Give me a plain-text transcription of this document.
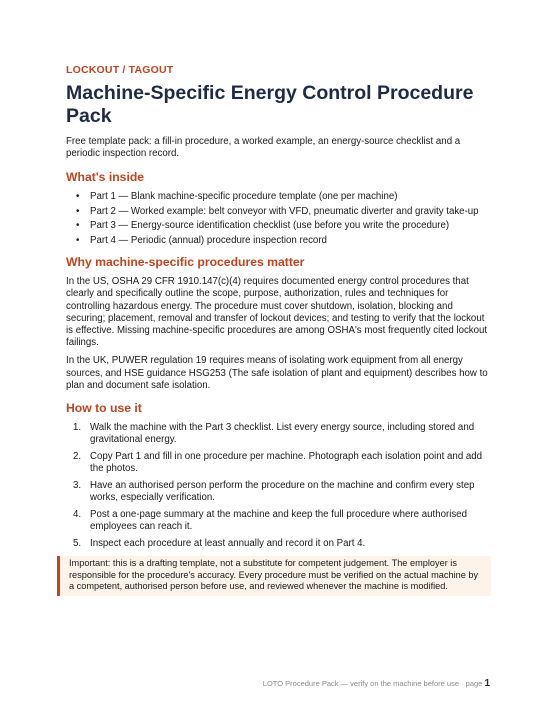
LOCKOUT / TAGOUT
Machine-Specific Energy Control Procedure Pack

Free template pack: a fill-in procedure, a worked example, an energy-source checklist and a periodic inspection record.

What's inside
• Part 1 — Blank machine-specific procedure template (one per machine)
• Part 2 — Worked example: belt conveyor with VFD, pneumatic diverter and gravity take-up
• Part 3 — Energy-source identification checklist (use before you write the procedure)
• Part 4 — Periodic (annual) procedure inspection record
Why machine-specific procedures matter

In the US, OSHA 29 CFR 1910.147(c)(4) requires documented energy control procedures that clearly and specifically outline the scope, purpose, authorization, rules and techniques for controlling hazardous energy. The procedure must cover shutdown, isolation, blocking and securing; placement, removal and transfer of lockout devices; and testing to verify that the lockout is effective. Missing machine-specific procedures are among OSHA's most frequently cited lockout failings.

In the UK, PUWER regulation 19 requires means of isolating work equipment from all energy sources, and HSE guidance HSG253 (The safe isolation of plant and equipment) describes how to plan and document safe isolation.

How to use it
1. Walk the machine with the Part 3 checklist. List every energy source, including stored and gravitational energy.
2. Copy Part 1 and fill in one procedure per machine. Photograph each isolation point and add the photos.
3. Have an authorised person perform the procedure on the machine and confirm every step works, especially verification.
4. Post a one-page summary at the machine and keep the full procedure where authorised employees can reach it.
5. Inspect each procedure at least annually and record it on Part 4.
Important: this is a drafting template, not a substitute for competent judgement. The employer is responsible for the procedure's accuracy. Every procedure must be verified on the actual machine by a competent, authorised person before use, and reviewed whenever the machine is modified.
LOTO Procedure Pack — verify on the machine before use · page 1
